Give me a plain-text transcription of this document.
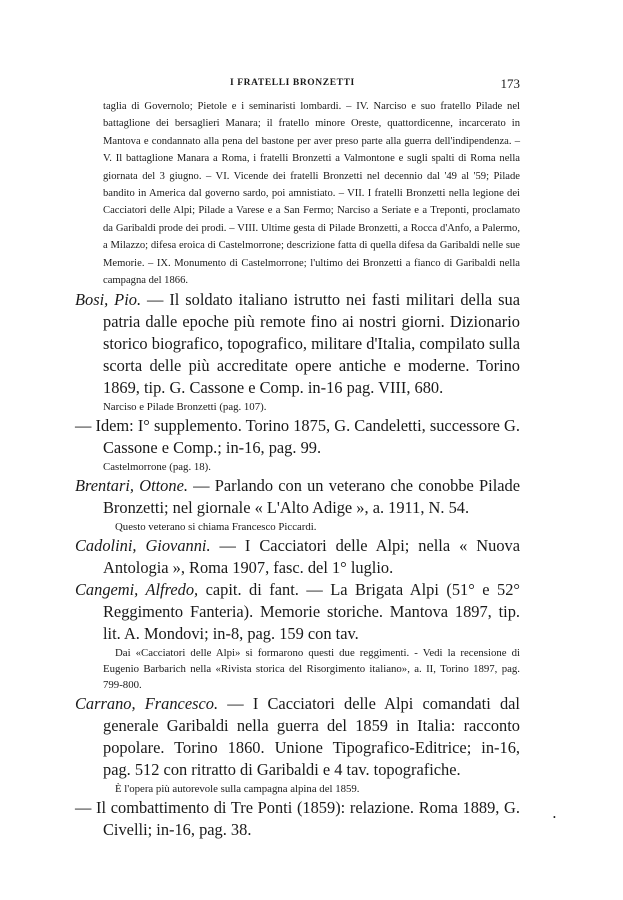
I FRATELLI BRONZETTI	173

taglia di Governolo; Pietole e i seminaristi lombardi. – IV. Narciso e suo fratello Pilade nel battaglione dei bersaglieri Manara; il fratello minore Oreste, quattordicenne, incarcerato in Mantova e condannato alla pena del bastone per aver preso parte alla guerra dell'indipendenza. – V. Il battaglione Manara a Roma, i fratelli Bronzetti a Valmontone e sugli spalti di Roma nella giornata del 3 giugno. – VI. Vicende dei fratelli Bronzetti nel decennio dal '49 al '59; Pilade bandito in America dal governo sardo, poi amnistiato. – VII. I fratelli Bronzetti nella legione dei Cacciatori delle Alpi; Pilade a Varese e a San Fermo; Narciso a Seriate e a Treponti, proclamato da Garibaldi prode dei prodi. – VIII. Ultime gesta di Pilade Bronzetti, a Rocca d'Anfo, a Palermo, a Milazzo; difesa eroica di Castelmorrone; descrizione fatta di quella difesa da Garibaldi nelle sue Memorie. – IX. Monumento di Castelmorrone; l'ultimo dei Bronzetti a fianco di Garibaldi nella campagna del 1866.

Bosi, Pio. — Il soldato italiano istrutto nei fasti militari della sua patria dalle epoche più remote fino ai nostri giorni. Dizionario storico biografico, topografico, militare d'Italia, compilato sulla scorta delle più accreditate opere antiche e moderne. Torino 1869, tip. G. Cassone e Comp. in-16 pag. VIII, 680.

Narciso e Pilade Bronzetti (pag. 107).

— Idem: I° supplemento. Torino 1875, G. Candeletti, successore G. Cassone e Comp.; in-16, pag. 99.

Castelmorrone (pag. 18).

Brentari, Ottone. — Parlando con un veterano che conobbe Pilade Bronzetti; nel giornale « L'Alto Adige », a. 1911, N. 54.

Questo veterano si chiama Francesco Piccardi.

Cadolini, Giovanni. — I Cacciatori delle Alpi; nella « Nuova Antologia », Roma 1907, fasc. del 1° luglio.

Cangemi, Alfredo, capit. di fant. — La Brigata Alpi (51° e 52° Reggimento Fanteria). Memorie storiche. Mantova 1897, tip. lit. A. Mondovi; in-8, pag. 159 con tav.

Dai «Cacciatori delle Alpi» si formarono questi due reggimenti. - Vedi la recensione di Eugenio Barbarich nella «Rivista storica del Risorgimento italiano», a. II, Torino 1897, pag. 799-800.

Carrano, Francesco. — I Cacciatori delle Alpi comandati dal generale Garibaldi nella guerra del 1859 in Italia: racconto popolare. Torino 1860. Unione Tipografico-Editrice; in-16, pag. 512 con ritratto di Garibaldi e 4 tav. topografiche.

È l'opera più autorevole sulla campagna alpina del 1859.

— Il combattimento di Tre Ponti (1859): relazione. Roma 1889, G. Civelli; in-16, pag. 38.

•
